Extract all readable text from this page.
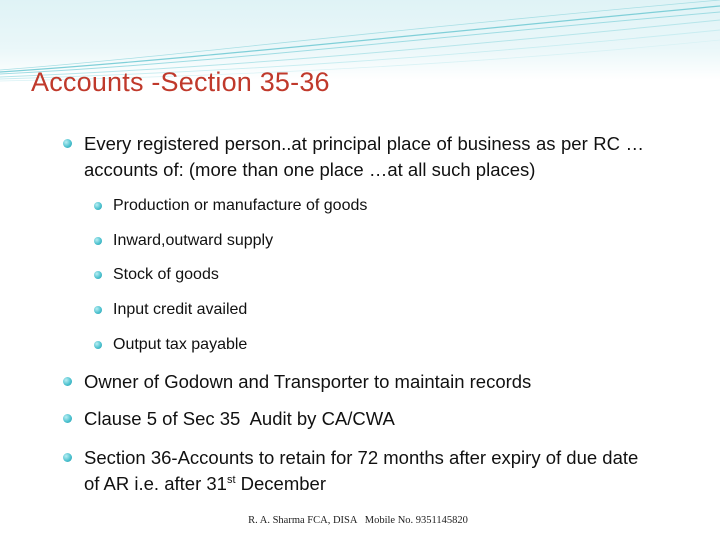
Accounts -Section 35-36
Every registered person..at principal place of business as per RC … accounts of: (more than one place …at all such places)
Production or manufacture of goods
Inward,outward supply
Stock of goods
Input credit availed
Output tax payable
Owner of Godown and Transporter to maintain records
Clause 5 of Sec 35  Audit by CA/CWA
Section 36-Accounts to retain for 72 months after expiry of due date of AR i.e. after 31st December
R. A. Sharma FCA, DISA   Mobile No. 9351145820
